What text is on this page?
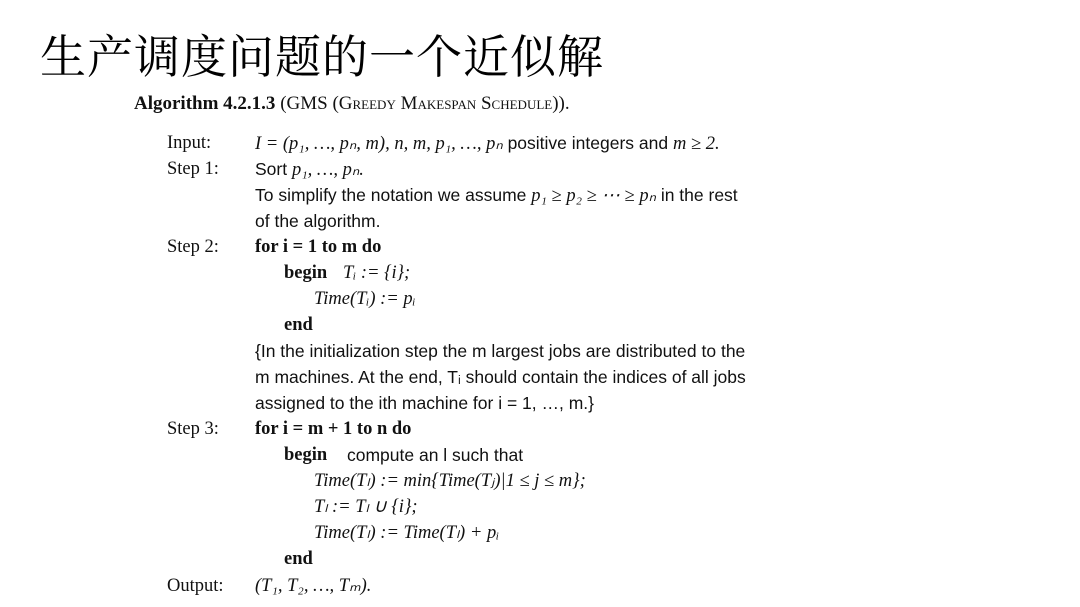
生产调度问题的一个近似解
Algorithm 4.2.1.3 (GMS (Greedy Makespan Schedule)).
Input: I = (p₁, …, pₙ, m), n, m, p₁, …, pₙ positive integers and m ≥ 2.
Step 1: Sort p₁, …, pₙ.
To simplify the notation we assume p₁ ≥ p₂ ≥ ⋯ ≥ pₙ in the rest
of the algorithm.
Step 2: for i = 1 to m do
begin Tᵢ := {i};
Time(Tᵢ) := pᵢ
end
{In the initialization step the m largest jobs are distributed to the
m machines. At the end, Tᵢ should contain the indices of all jobs
assigned to the ith machine for i = 1, …, m.}
Step 3: for i = m + 1 to n do
begin compute an l such that
Time(Tₗ) := min{Time(Tⱼ)|1 ≤ j ≤ m};
Tₗ := Tₗ ∪ {i};
Time(Tₗ) := Time(Tₗ) + pᵢ
end
Output: (T₁, T₂, …, Tₘ).
